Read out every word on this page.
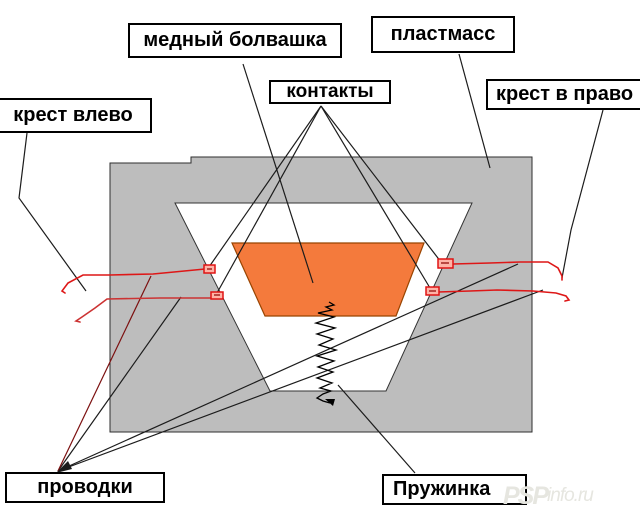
медный болвашка	пластмасс
контакты
крест влево
крест в право
проводки	Пружинка PSP info.ru
